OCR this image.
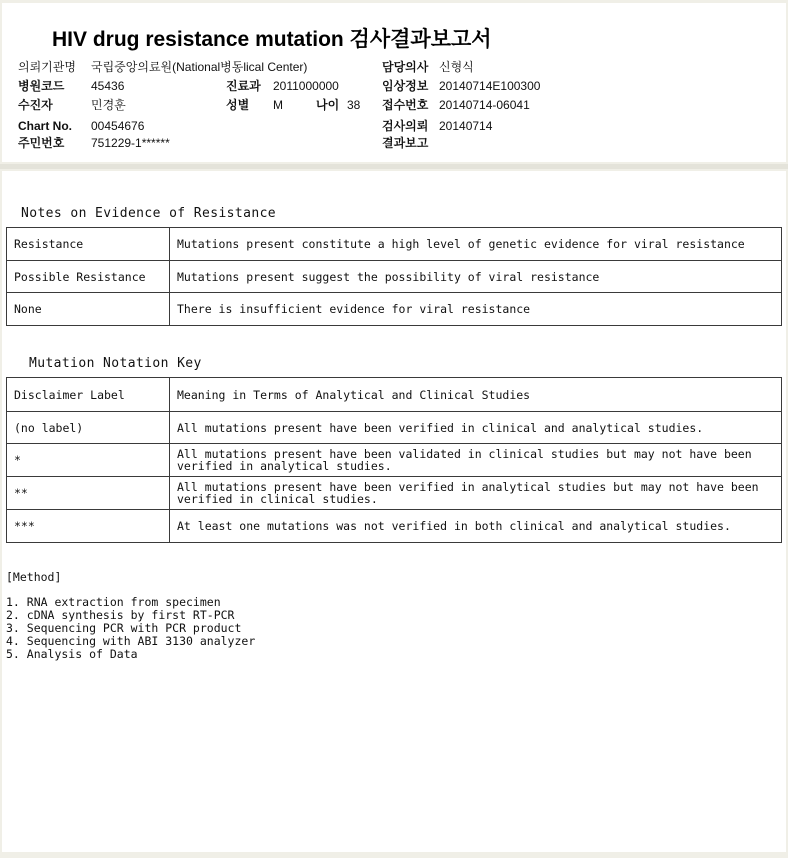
HIV drug resistance mutation 검사결과보고서
의뢰기관명 국립중앙의료원(National병동lical Center)	담당의사 신형식
병원코드 45436	진료과 2011000000	임상정보 20140714E100300
수진자	민경훈	성별 M	나이 38 접수번호 20140714-06041
Chart No. 00454676	검사의뢰 20140714
주민번호 751229-1******	결과보고
Notes on Evidence of Resistance
Resistance	Mutations present constitute a high level of genetic evidence for viral resistance
Possible Resistance	Mutations present suggest the possibility of viral resistance
None	There is insufficient evidence for viral resistance
Mutation Notation Key
Disclaimer Label	Meaning in Terms of Analytical and Clinical Studies
(no label)	All mutations present have been verified in clinical and analytical studies.
*	All mutations present have been validated in clinical studies but may not have been verified in analytical studies.
**	All mutations present have been verified in analytical studies but may not have been verified in clinical studies.
***	At least one mutations was not verified in both clinical and analytical studies.
[Method]
1. RNA extraction from specimen
2. cDNA synthesis by first RT-PCR
3. Sequencing PCR with PCR product
4. Sequencing with ABI 3130 analyzer
5. Analysis of Data
